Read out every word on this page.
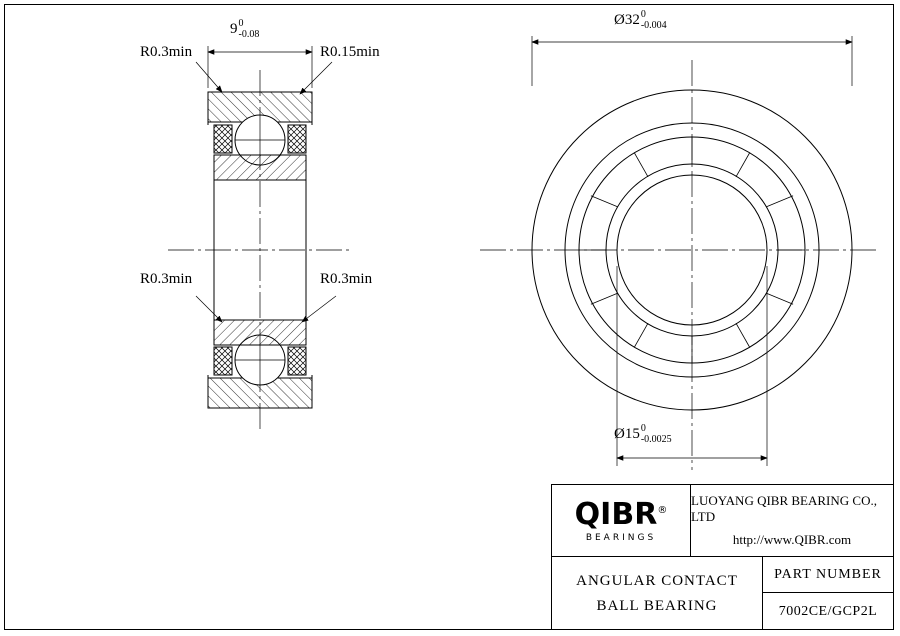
R0.3min	R0.15min
R0.3min	R0.3min
9 0
-0.08
Ø32 0
-0.004
Ø15 0
-0.0025
QIBR®
BEARINGS
LUOYANG QIBR BEARING CO., LTD
http://www.QIBR.com
ANGULAR CONTACT
BALL BEARING
PART NUMBER
7002CE/GCP2L
